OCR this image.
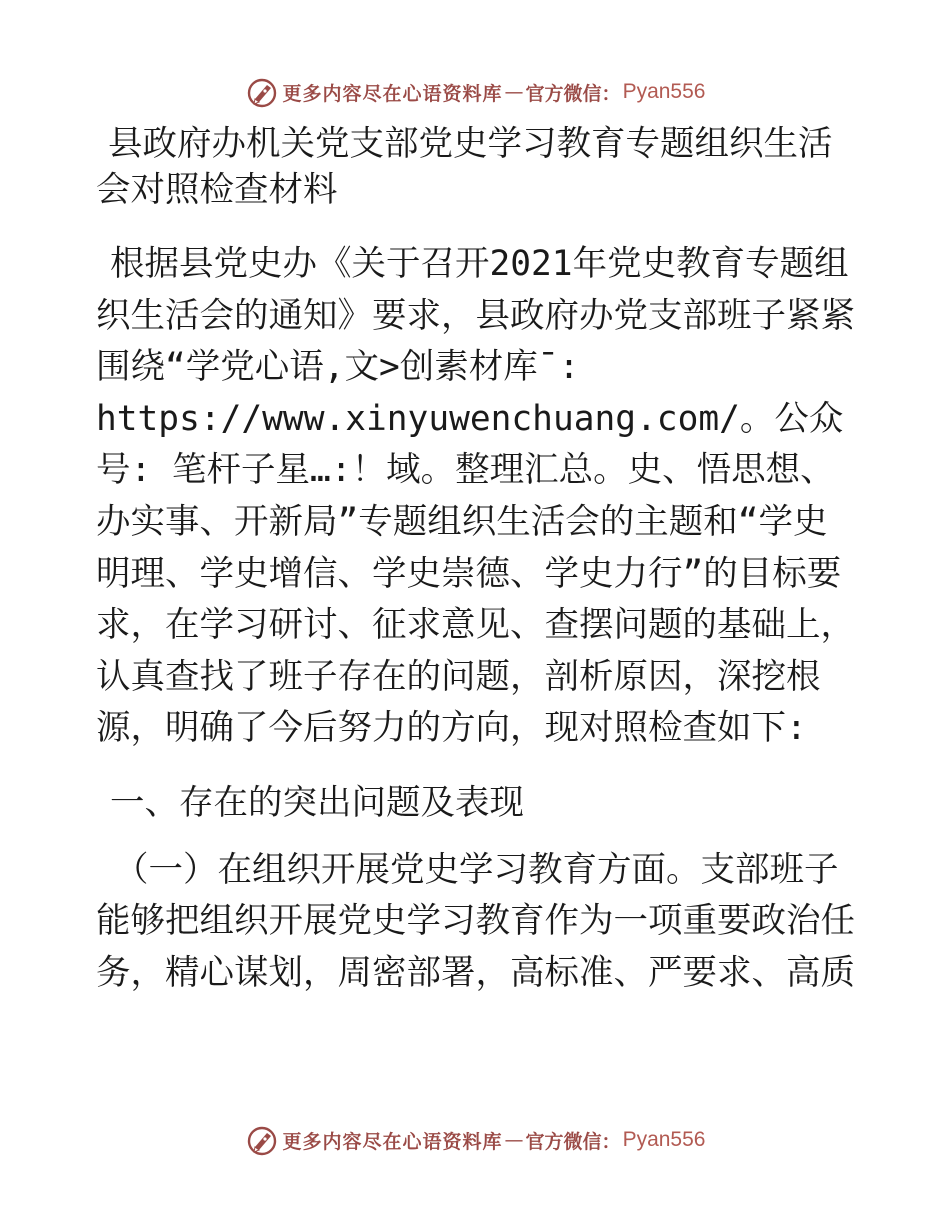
更多内容尽在心语资料库 — 官方微信： Pyan556

县政府办机关党支部党史学习教育专题组织生活
会对照检查材料

根据县党史办《关于召开2021年党史教育专题组织生活会的通知》要求，县政府办党支部班子紧紧围绕“学党心语,文>创素材库¯: https://www.xinyuwenchuang.com/。公众号: 笔杆子星…:！域。整理汇总。史、悟思想、办实事、开新局”专题组织生活会的主题和“学史明理、学史增信、学史崇德、学史力行”的目标要求，在学习研讨、征求意见、查摆问题的基础上，认真查找了班子存在的问题，剖析原因，深挖根源，明确了今后努力的方向，现对照检查如下:

一、存在的突出问题及表现

（一）在组织开展党史学习教育方面。支部班子能够把组织开展党史学习教育作为一项重要政治任务，精心谋划，周密部署，高标准、严要求、高质

更多内容尽在心语资料库 — 官方微信： Pyan556
